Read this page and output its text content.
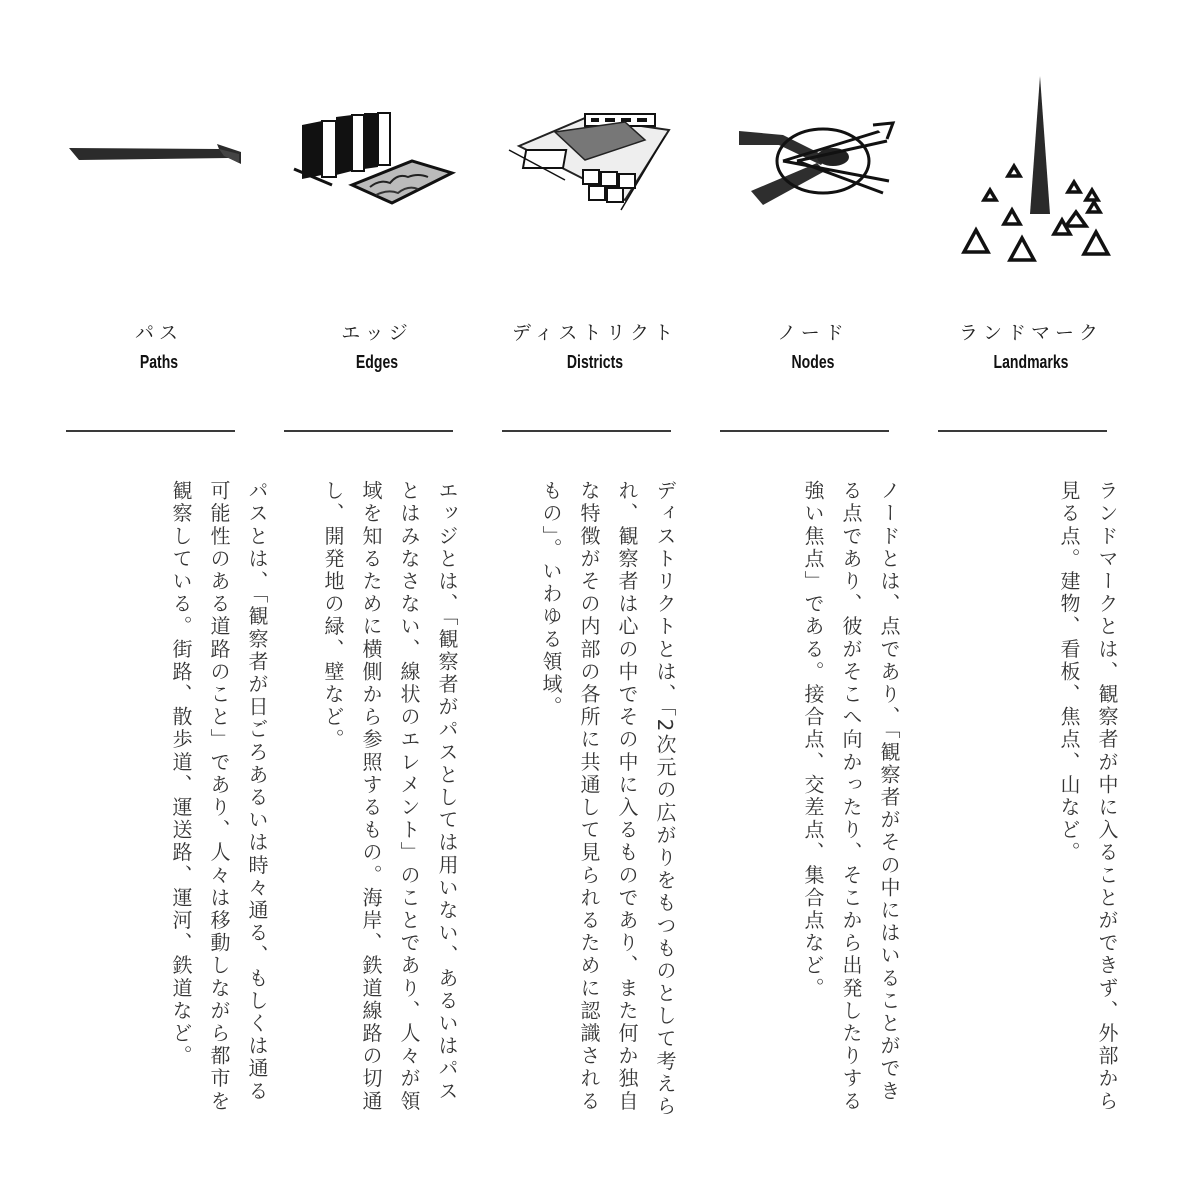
パス
Paths
パスとは、「観察者が日ごろあるいは時々通る、もしくは通る可能性のある道路のこと」であり、人々は移動しながら都市を観察している。街路、散歩道、運送路、運河、鉄道など。
エッジ
Edges
エッジとは、「観察者がパスとしては用いない、あるいはパスとはみなさない、線状のエレメント」のことであり、人々が領域を知るために横側から参照するもの。海岸、鉄道線路の切通し、開発地の緑、壁など。
ディストリクト
Districts
ディストリクトとは、「2次元の広がりをもつものとして考えられ、観察者は心の中でその中に入るものであり、また何か独自な特徴がその内部の各所に共通して見られるために認識されるもの」。いわゆる領域。
ノード
Nodes
ノードとは、点であり、「観察者がその中にはいることができる点であり、彼がそこへ向かったり、そこから出発したりする強い焦点」である。接合点、交差点、集合点など。
ランドマーク
Landmarks
ランドマークとは、観察者が中に入ることができず、外部から見る点。建物、看板、焦点、山など。
